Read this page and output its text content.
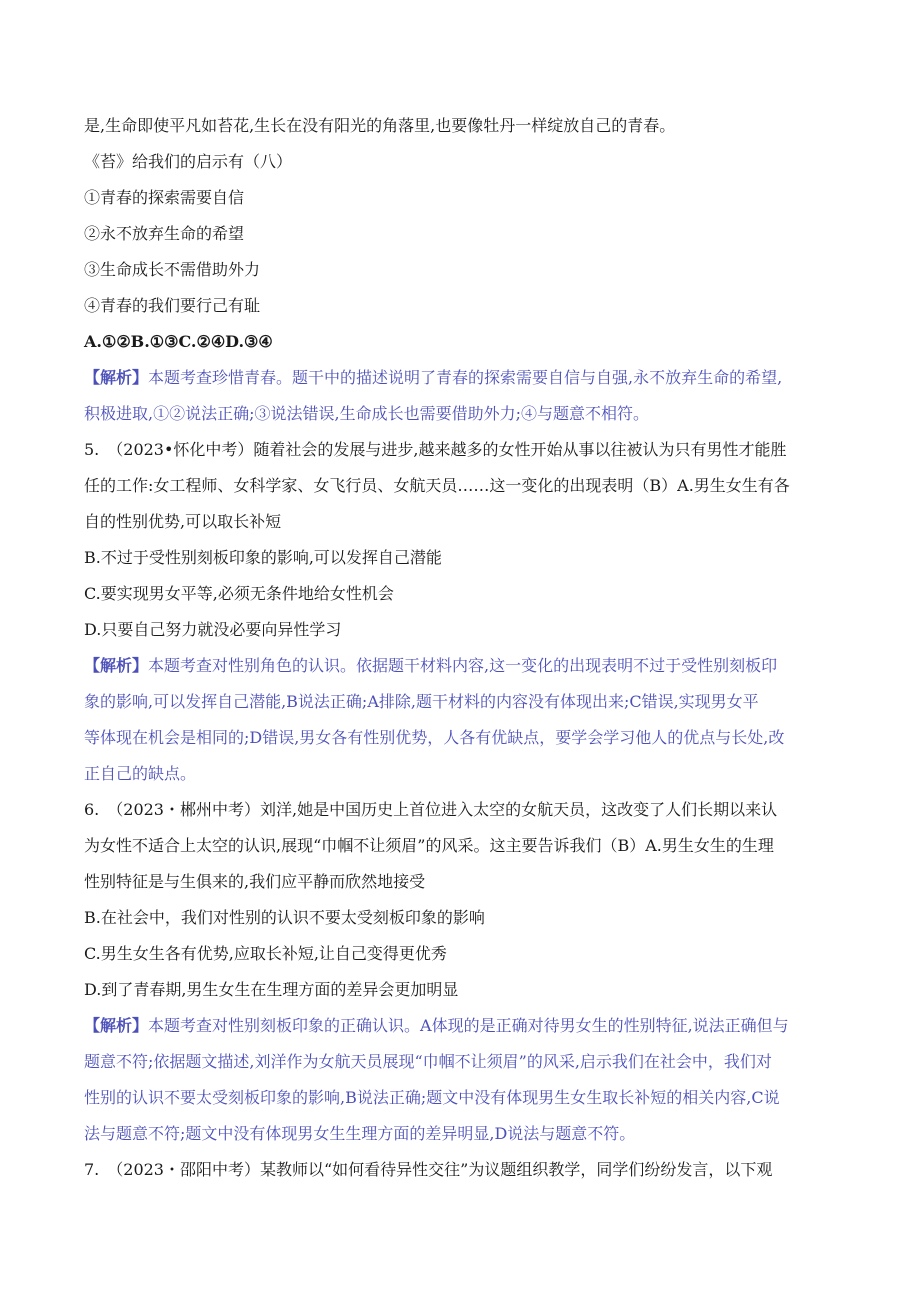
是,生命即使平凡如苔花,生长在没有阳光的角落里,也要像牡丹一样绽放自己的青春。

《苔》给我们的启示有（八）

①青春的探索需要自信

②永不放弃生命的希望

③生命成长不需借助外力

④青春的我们要行己有耻

A.①②B.①③C.②④D.③④

【解析】本题考查珍惜青春。题干中的描述说明了青春的探索需要自信与自强,永不放弃生命的希望,

积极进取,①②说法正确;③说法错误,生命成长也需要借助外力;④与题意不相符。

5.　（2023•怀化中考）随着社会的发展与进步,越来越多的女性开始从事以往被认为只有男性才能胜

任的工作:女工程师、女科学家、女飞行员、女航天员……这一变化的出现表明（B）A.男生女生有各

自的性别优势,可以取长补短

B.不过于受性别刻板印象的影响,可以发挥自己潜能

C.要实现男女平等,必须无条件地给女性机会

D.只要自己努力就没必要向异性学习

【解析】本题考查对性别角色的认识。依据题干材料内容,这一变化的出现表明不过于受性别刻板印

象的影响,可以发挥自己潜能,B说法正确;A排除,题干材料的内容没有体现出来;C错误,实现男女平

等体现在机会是相同的;D错误,男女各有性别优势，人各有优缺点，要学会学习他人的优点与长处,改

正自己的缺点。

6.　（2023・郴州中考）刘洋,她是中国历史上首位进入太空的女航天员，这改变了人们长期以来认

为女性不适合上太空的认识,展现“巾帼不让须眉”的风采。这主要告诉我们（B）A.男生女生的生理

性别特征是与生俱来的,我们应平静而欣然地接受

B.在社会中，我们对性别的认识不要太受刻板印象的影响

C.男生女生各有优势,应取长补短,让自己变得更优秀

D.到了青春期,男生女生在生理方面的差异会更加明显

【解析】本题考查对性别刻板印象的正确认识。A体现的是正确对待男女生的性别特征,说法正确但与

题意不符;依据题文描述,刘洋作为女航天员展现“巾帼不让须眉”的风采,启示我们在社会中，我们对

性别的认识不要太受刻板印象的影响,B说法正确;题文中没有体现男生女生取长补短的相关内容,C说

法与题意不符;题文中没有体现男女生生理方面的差异明显,D说法与题意不符。

7.　（2023・邵阳中考）某教师以“如何看待异性交往”为议题组织教学，同学们纷纷发言，以下观
